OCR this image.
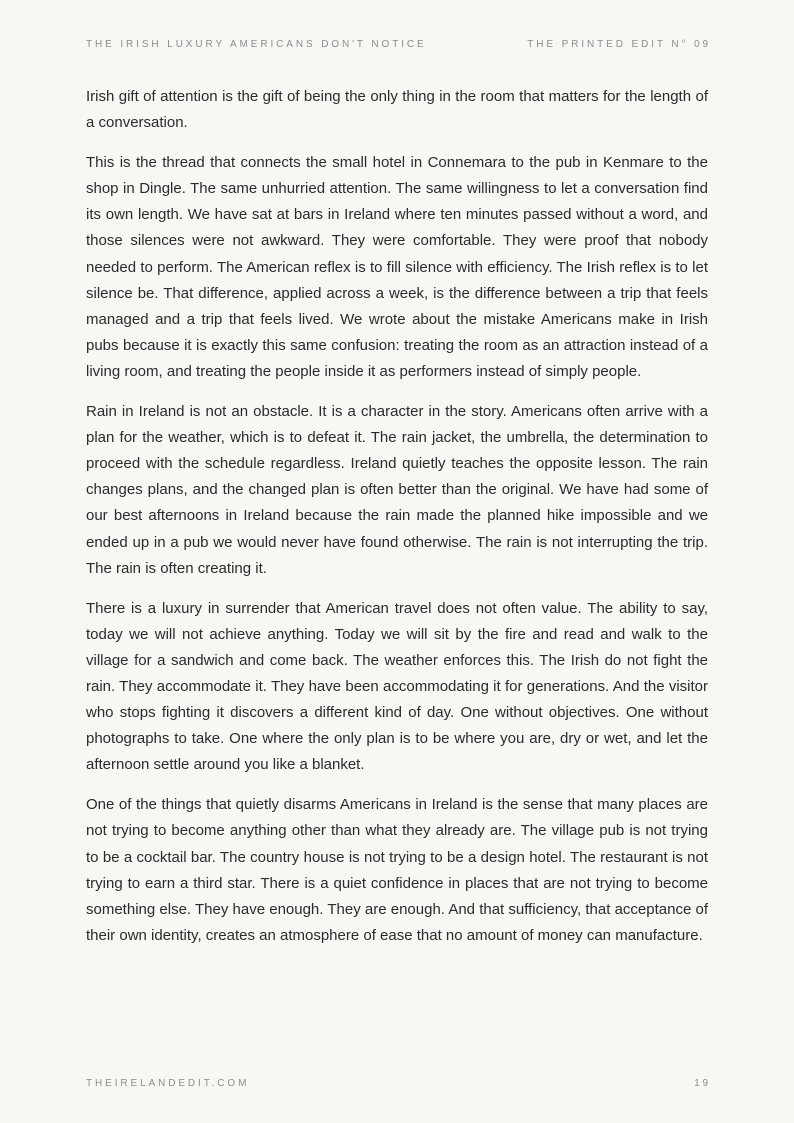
THE IRISH LUXURY AMERICANS DON'T NOTICE	THE PRINTED EDIT N° 09

Irish gift of attention is the gift of being the only thing in the room that matters for the length of a conversation.

This is the thread that connects the small hotel in Connemara to the pub in Kenmare to the shop in Dingle. The same unhurried attention. The same willingness to let a conversation find its own length. We have sat at bars in Ireland where ten minutes passed without a word, and those silences were not awkward. They were comfortable. They were proof that nobody needed to perform. The American reflex is to fill silence with efficiency. The Irish reflex is to let silence be. That difference, applied across a week, is the difference between a trip that feels managed and a trip that feels lived. We wrote about the mistake Americans make in Irish pubs because it is exactly this same confusion: treating the room as an attraction instead of a living room, and treating the people inside it as performers instead of simply people.

Rain in Ireland is not an obstacle. It is a character in the story. Americans often arrive with a plan for the weather, which is to defeat it. The rain jacket, the umbrella, the determination to proceed with the schedule regardless. Ireland quietly teaches the opposite lesson. The rain changes plans, and the changed plan is often better than the original. We have had some of our best afternoons in Ireland because the rain made the planned hike impossible and we ended up in a pub we would never have found otherwise. The rain is not interrupting the trip. The rain is often creating it.

There is a luxury in surrender that American travel does not often value. The ability to say, today we will not achieve anything. Today we will sit by the fire and read and walk to the village for a sandwich and come back. The weather enforces this. The Irish do not fight the rain. They accommodate it. They have been accommodating it for generations. And the visitor who stops fighting it discovers a different kind of day. One without objectives. One without photographs to take. One where the only plan is to be where you are, dry or wet, and let the afternoon settle around you like a blanket.

One of the things that quietly disarms Americans in Ireland is the sense that many places are not trying to become anything other than what they already are. The village pub is not trying to be a cocktail bar. The country house is not trying to be a design hotel. The restaurant is not trying to earn a third star. There is a quiet confidence in places that are not trying to become something else. They have enough. They are enough. And that sufficiency, that acceptance of their own identity, creates an atmosphere of ease that no amount of money can manufacture.

THEIRELANDEDIT.COM	19
